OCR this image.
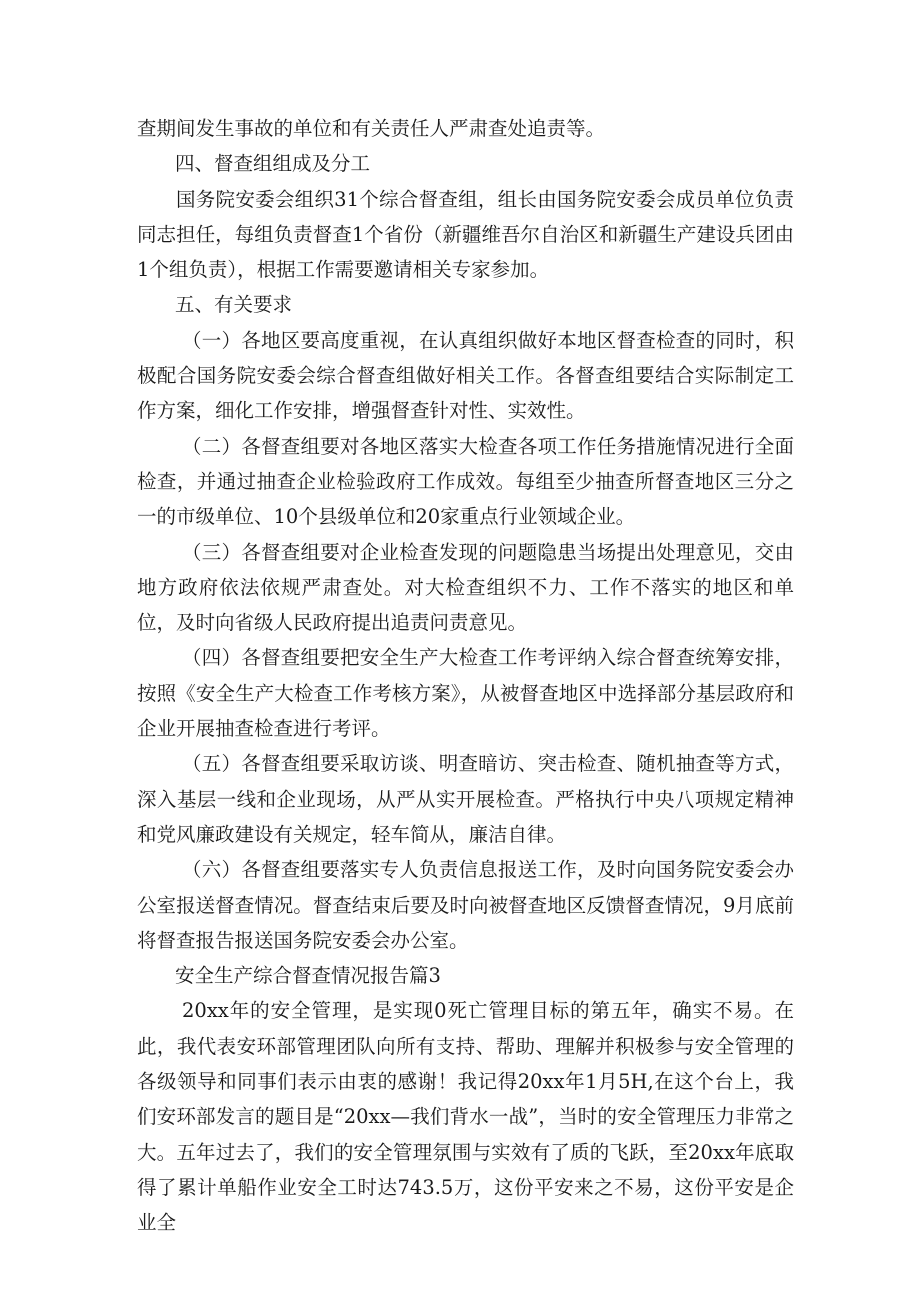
查期间发生事故的单位和有关责任人严肃查处追责等。

四、督查组组成及分工

国务院安委会组织31个综合督查组，组长由国务院安委会成员单位负责同志担任，每组负责督查1个省份（新疆维吾尔自治区和新疆生产建设兵团由1个组负责），根据工作需要邀请相关专家参加。

五、有关要求

（一）各地区要高度重视，在认真组织做好本地区督查检查的同时，积极配合国务院安委会综合督查组做好相关工作。各督查组要结合实际制定工作方案，细化工作安排，增强督查针对性、实效性。

（二）各督查组要对各地区落实大检查各项工作任务措施情况进行全面检查，并通过抽查企业检验政府工作成效。每组至少抽查所督查地区三分之一的市级单位、10个县级单位和20家重点行业领域企业。

（三）各督查组要对企业检查发现的问题隐患当场提出处理意见，交由地方政府依法依规严肃查处。对大检查组织不力、工作不落实的地区和单位，及时向省级人民政府提出追责问责意见。

（四）各督查组要把安全生产大检查工作考评纳入综合督查统筹安排，按照《安全生产大检查工作考核方案》，从被督查地区中选择部分基层政府和企业开展抽查检查进行考评。

（五）各督查组要采取访谈、明查暗访、突击检查、随机抽查等方式，深入基层一线和企业现场，从严从实开展检查。严格执行中央八项规定精神和党风廉政建设有关规定，轻车简从，廉洁自律。

（六）各督查组要落实专人负责信息报送工作，及时向国务院安委会办公室报送督查情况。督查结束后要及时向被督查地区反馈督查情况，9月底前将督查报告报送国务院安委会办公室。

安全生产综合督查情况报告篇3

20xx年的安全管理，是实现0死亡管理目标的第五年，确实不易。在此，我代表安环部管理团队向所有支持、帮助、理解并积极参与安全管理的各级领导和同事们表示由衷的感谢！我记得20xx年1月5H,在这个台上，我们安环部发言的题目是“20xx—我们背水一战”，当时的安全管理压力非常之大。五年过去了，我们的安全管理氛围与实效有了质的飞跃，至20xx年底取得了累计单船作业安全工时达743.5万，这份平安来之不易，这份平安是企业全
